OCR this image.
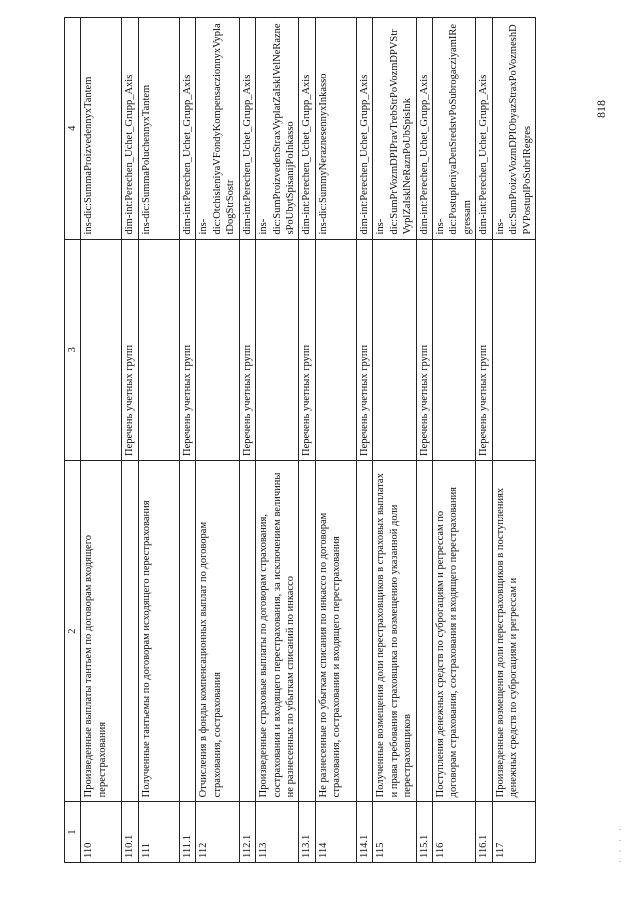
1	2	3	4
110	Произведенные выплаты тантьем по договорам входящего перестрахования		ins-dic:SummaProizvedennyxTantem
110.1		Перечень учетных групп	dim-int:Perechen_Uchet_Grupp_Axis
111	Полученные тантьемы по договорам исходящего перестрахования		ins-dic:SummaPoluchennyxTantem
111.1		Перечень учетных групп	dim-int:Perechen_Uchet_Grupp_Axis
112	Отчисления в фонды компенсационных выплат по договорам страхования, сострахования		ins-dic:OtchisleniyaVFondyKompensaczionnyxVyplatDogStrSostr
112.1		Перечень учетных групп	dim-int:Perechen_Uchet_Grupp_Axis
113	Произведенные страховые выплаты по договорам страхования, сострахования и входящего перестрахования, за исключением величины не разнесенных по убыткам списаний по инкассо		ins-dic:SumProizvedenStraxVyplatZaIsklVelNeRaznesPoUbytSpisanijPoInkasso
113.1		Перечень учетных групп	dim-int:Perechen_Uchet_Grupp_Axis
114	Не разнесенные по убыткам списания по инкассо по договорам страхования, сострахования и входящего перестрахования		ins-dic:SummyNeraznesennyxInkasso
114.1		Перечень учетных групп	dim-int:Perechen_Uchet_Grupp_Axis
115	Полученные возмещения доли перестраховщиков в страховых выплатах и права требования страховщика по возмещению указанной доли перестраховщиков		ins-dic:SumPrVozmDPIPravTrebStrPoVozmDPVStrVyplZaIsklNeRaznPoUbSpisInk
115.1		Перечень учетных групп	dim-int:Perechen_Uchet_Grupp_Axis
116	Поступления денежных средств по суброгациям и регрессам по договорам страхования, сострахования и входящего перестрахования		ins-dic:PostupleniyaDenSredstvPoSubrogacziyamIRegressam
116.1		Перечень учетных групп	dim-int:Perechen_Uchet_Grupp_Axis
117	Произведенные возмещения доли перестраховщиков в поступлениях денежных средств по суброгациям и регрессам и		ins-dic:SumProizvVozmDPIObyazStraxPoVozmeshDPVPostuplPoSubrIRegres
818
· · · ·
